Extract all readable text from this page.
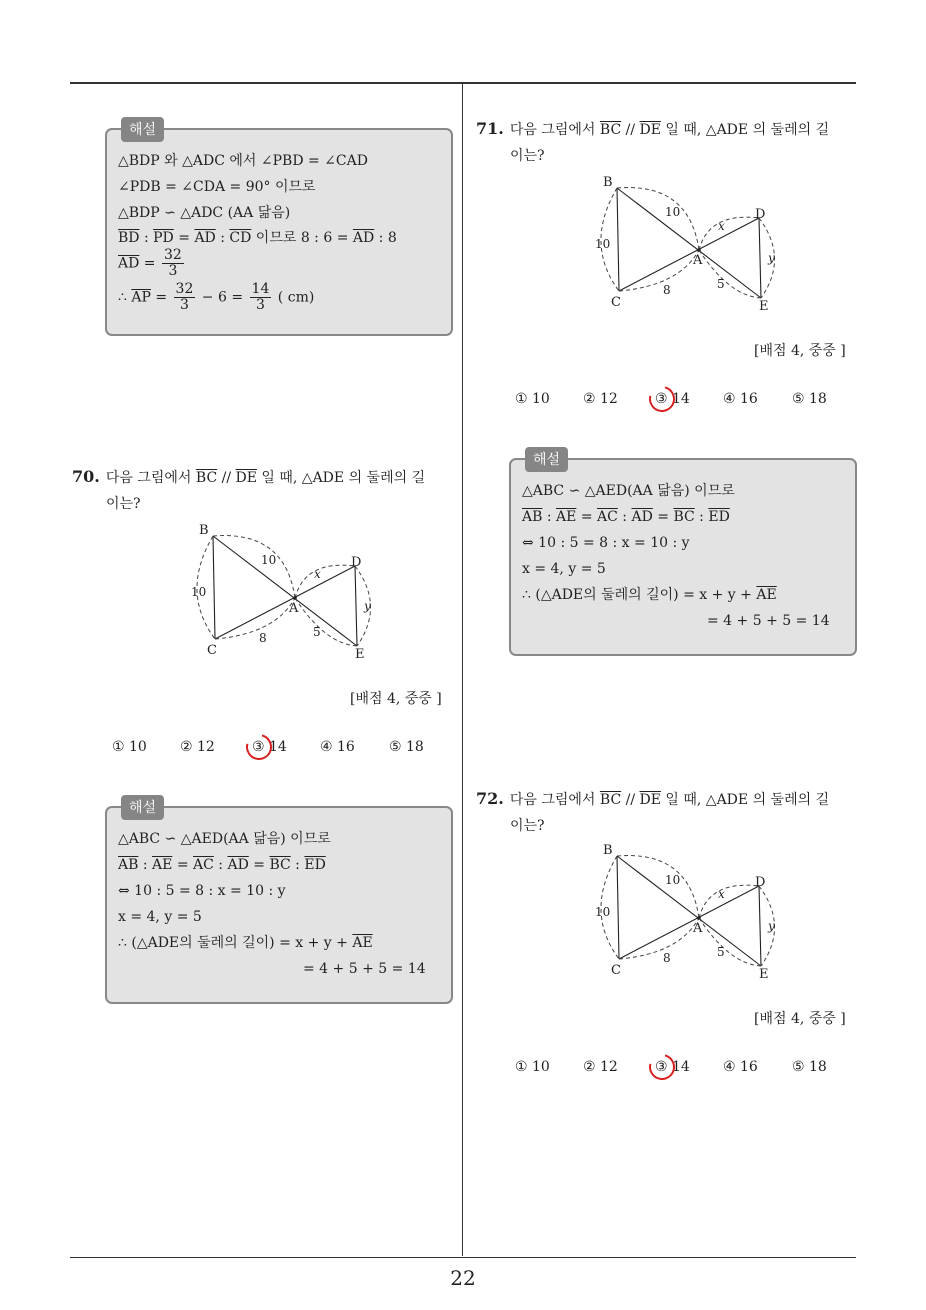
22
해설
△BDP 와 △ADC 에서 ∠PBD = ∠CAD
∠PDB = ∠CDA = 90° 이므로
△BDP ∽ △ADC (AA 닮음)
$\overline{BD}$ : $\overline{PD} = \overline{AD}$ : $\overline{CD}$ 이므로 8 : $6 = \overline{AD}$ : 8
$\overline{AD} = \frac{32}{3}$
∴ $\overline{AP} = \frac{32}{3} - 6 = \frac{14}{3}$ ( cm)
70. 다음 그림에서 $\overline{BC} // \overline{DE}$ 일 때, △ADE 의 둘레의 길
이는?
71. 다음 그림에서 $\overline{BC} // \overline{DE}$ 일 때, △ADE 의 둘레의 길
이는?
72. 다음 그림에서 $\overline{BC} // \overline{DE}$ 일 때, △ADE 의 둘레의 길
이는?
B
C
D
E
A
10
10
8
x
5
y
B
C
D
E
A
10
10
8
x
5
y
B
C
D
E
A
10
10
8
x
5
y
[배점 4, 중중 ]
[배점 4, 중중 ]
[배점 4, 중중 ]
① 10 ② 12	③ 14 ④ 16 ⑤ 18
① 10 ② 12	③ 14 ④ 16 ⑤ 18
① 10 ② 12	③ 14 ④ 16 ⑤ 18
해설
△ABC ∽ △AED(AA 닮음) 이므로
$\overline{AB}$ : $\overline{AE} = \overline{AC}$ : $\overline{AD} = \overline{BC}$ : $\overline{ED}$
⇔ 10 : 5 = 8 : x = 10 : y
x = 4, y = 5
∴ (△ADE의 둘레의 길이) = $x + y + \overline{AE}$
= 4 + 5 + 5 = 14
해설
△ABC ∽ △AED(AA 닮음) 이므로
$\overline{AB}$ : $\overline{AE} = \overline{AC}$ : $\overline{AD} = \overline{BC}$ : $\overline{ED}$
⇔ 10 : 5 = 8 : x = 10 : y
x = 4, y = 5
∴ (△ADE의 둘레의 길이) = $x + y + \overline{AE}$
= 4 + 5 + 5 = 14
